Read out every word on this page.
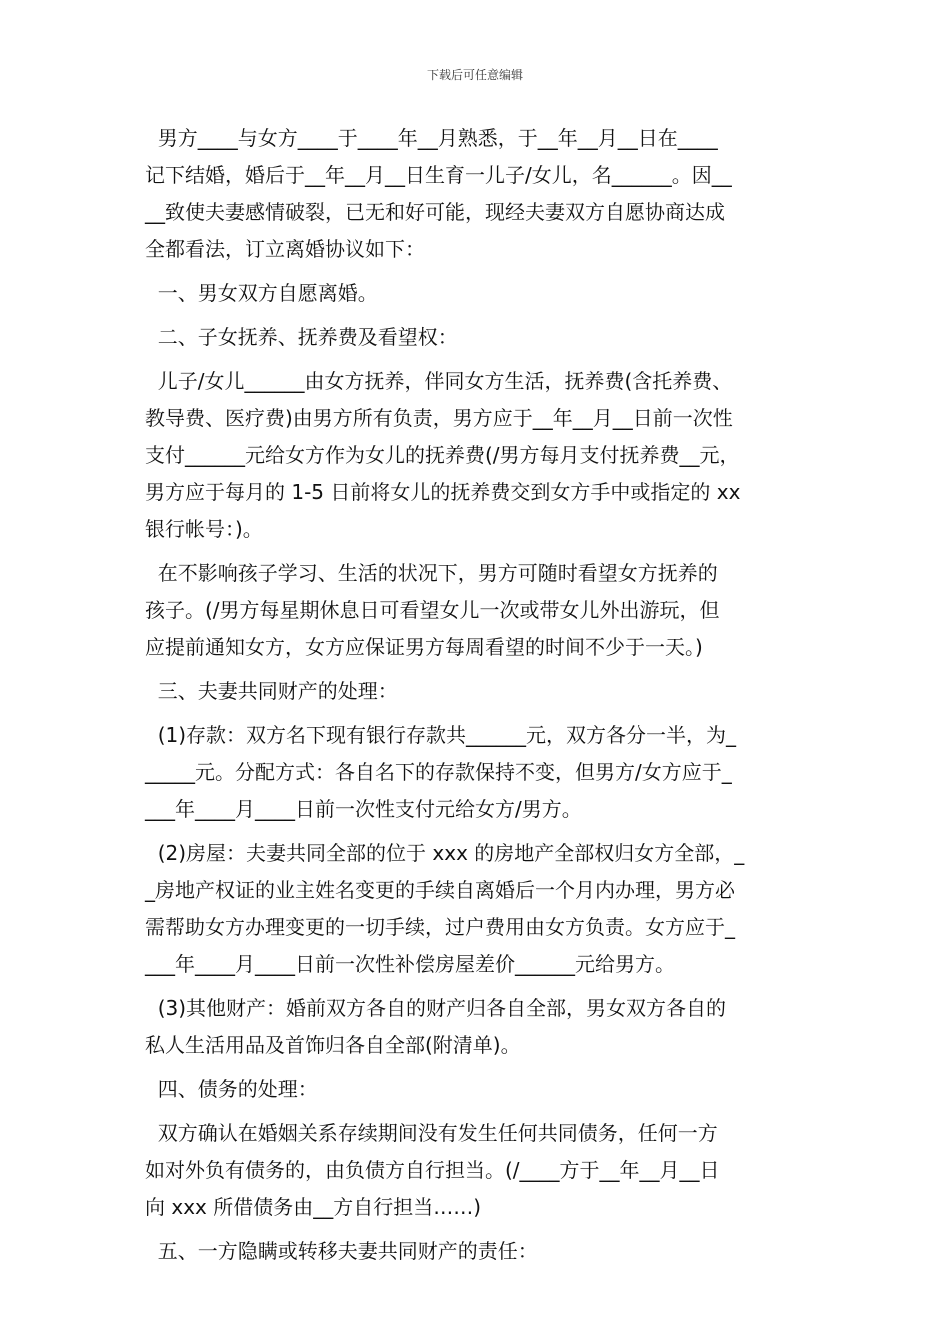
下载后可任意编辑

男方____与女方____于____年__月熟悉，于__年__月__日在____
记下结婚，婚后于__年__月__日生育一儿子/女儿，名______。因__
__致使夫妻感情破裂，已无和好可能，现经夫妻双方自愿协商达成
全都看法，订立离婚协议如下：

一、男女双方自愿离婚。

二、子女抚养、抚养费及看望权：

儿子/女儿______由女方抚养，伴同女方生活，抚养费(含托养费、
教导费、医疗费)由男方所有负责，男方应于__年__月__日前一次性
支付______元给女方作为女儿的抚养费(/男方每月支付抚养费__元，
男方应于每月的 1-5 日前将女儿的抚养费交到女方手中或指定的 xx
银行帐号：)。

在不影响孩子学习、生活的状况下，男方可随时看望女方抚养的
孩子。(/男方每星期休息日可看望女儿一次或带女儿外出游玩，但
应提前通知女方，女方应保证男方每周看望的时间不少于一天。)

三、夫妻共同财产的处理：

(1)存款：双方名下现有银行存款共______元，双方各分一半，为_
_____元。分配方式：各自名下的存款保持不变，但男方/女方应于_
___年____月____日前一次性支付元给女方/男方。

(2)房屋：夫妻共同全部的位于 xxx 的房地产全部权归女方全部，_
_房地产权证的业主姓名变更的手续自离婚后一个月内办理，男方必
需帮助女方办理变更的一切手续，过户费用由女方负责。女方应于_
___年____月____日前一次性补偿房屋差价______元给男方。

(3)其他财产：婚前双方各自的财产归各自全部，男女双方各自的
私人生活用品及首饰归各自全部(附清单)。

四、债务的处理：

双方确认在婚姻关系存续期间没有发生任何共同债务，任何一方
如对外负有债务的，由负债方自行担当。(/____方于__年__月__日
向 xxx 所借债务由__方自行担当……)

五、一方隐瞒或转移夫妻共同财产的责任：
